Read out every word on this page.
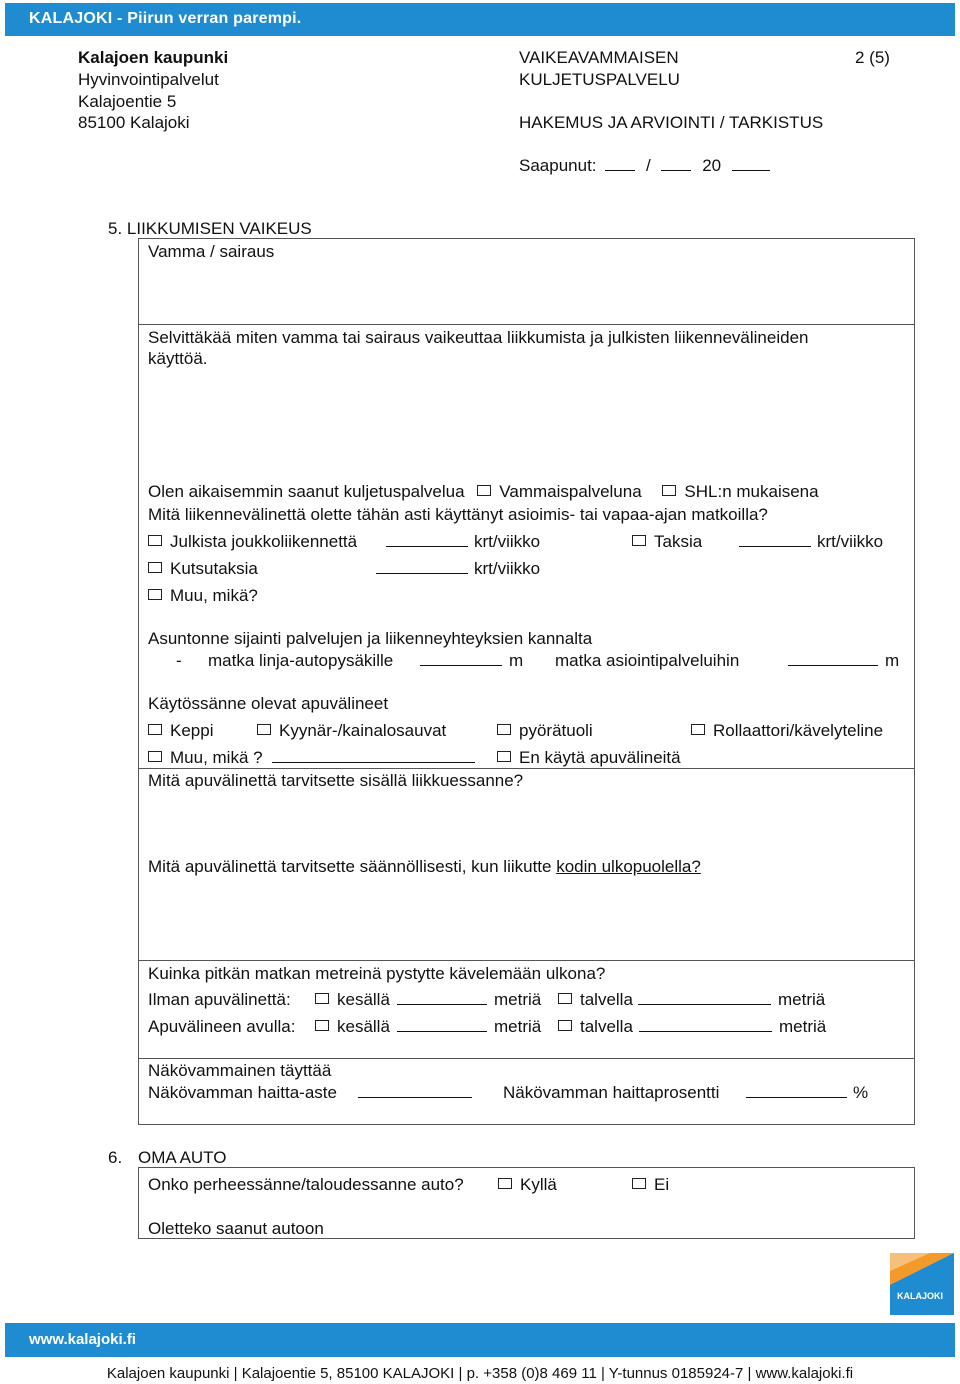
KALAJOKI - Piirun verran parempi.
Kalajoen kaupunki
Hyvinvointipalvelut
Kalajoentie 5
85100 Kalajoki
VAIKEAVAMMAISEN
KULJETUSPALVELU
HAKEMUS JA ARVIOINTI / TARKISTUS
2 (5)
Saapunut:	/	20
5. LIIKKUMISEN VAIKEUS
Vamma / sairaus
Selvittäkää miten vamma tai sairaus vaikeuttaa liikkumista ja julkisten liikennevälineiden
käyttöä.
Olen aikaisemmin saanut kuljetuspalvelua Vammaispalveluna	SHL:n mukaisena
Mitä liikennevälinettä olette tähän asti käyttänyt asioimis- tai vapaa-ajan matkoilla?
Julkista joukkoliikennettä	krt/viikko	Taksia	krt/viikko
Kutsutaksia	krt/viikko
Muu, mikä?
Asuntonne sijainti palvelujen ja liikenneyhteyksien kannalta
- matka linja-autopysäkille	m matka asiointipalveluihin	m
Käytössänne olevat apuvälineet
Keppi	Kyynär-/kainalosauvat	pyörätuoli	Rollaattori/kävelyteline
Muu, mikä ?	En käytä apuvälineitä
Mitä apuvälinettä tarvitsette sisällä liikkuessanne?
Mitä apuvälinettä tarvitsette säännöllisesti, kun liikutte kodin ulkopuolella?
Kuinka pitkän matkan metreinä pystytte kävelemään ulkona?
Ilman apuvälinettä:	kesällä	metriä	talvella	metriä
Apuvälineen avulla:	kesällä	metriä	talvella	metriä
Näkövammainen täyttää
Näkövamman haitta-aste	Näkövamman haittaprosentti	%
6. OMA AUTO
Onko perheessänne/taloudessanne auto?	Kyllä	Ei
Oletteko saanut autoon
KALAJOKI
www.kalajoki.fi
Kalajoen kaupunki | Kalajoentie 5, 85100 KALAJOKI | p. +358 (0)8 469 11 | Y-tunnus 0185924-7 | www.kalajoki.fi
